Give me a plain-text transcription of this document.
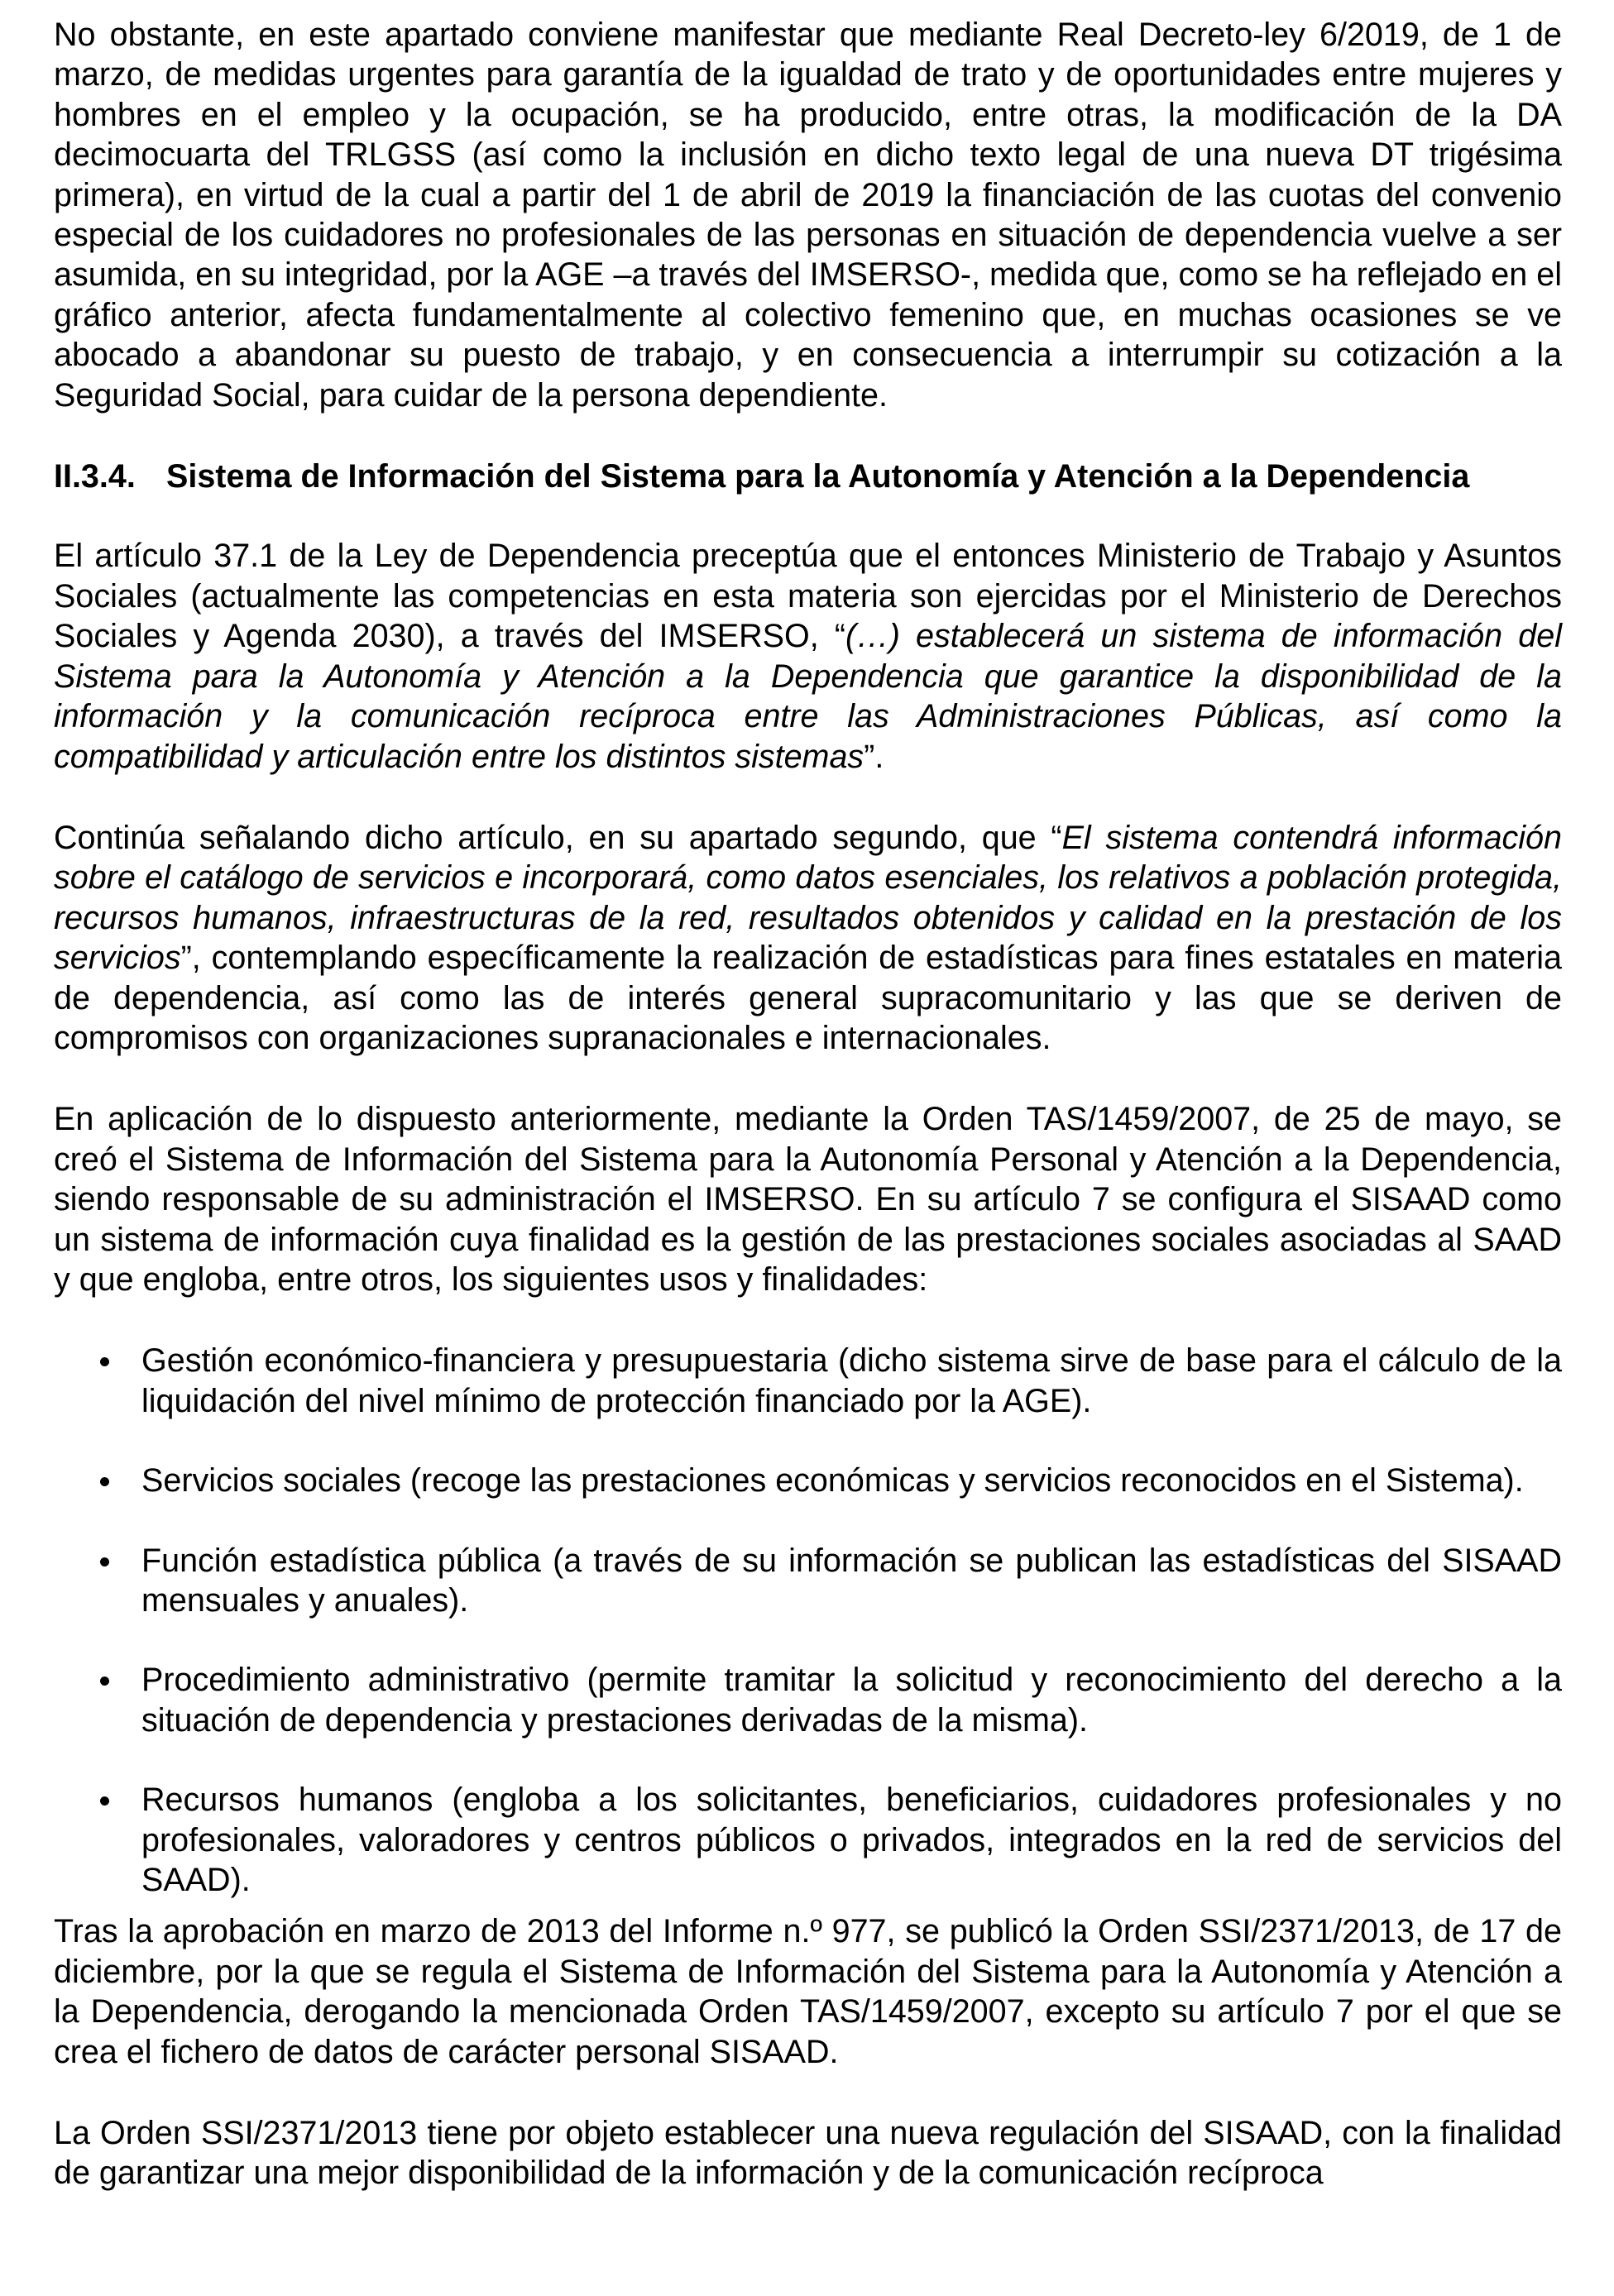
No obstante, en este apartado conviene manifestar que mediante Real Decreto-ley 6/2019, de 1 de marzo, de medidas urgentes para garantía de la igualdad de trato y de oportunidades entre mujeres y hombres en el empleo y la ocupación, se ha producido, entre otras, la modificación de la DA decimocuarta del TRLGSS (así como la inclusión en dicho texto legal de una nueva DT trigésima primera), en virtud de la cual a partir del 1 de abril de 2019 la financiación de las cuotas del convenio especial de los cuidadores no profesionales de las personas en situación de dependencia vuelve a ser asumida, en su integridad, por la AGE –a través del IMSERSO-, medida que, como se ha reflejado en el gráfico anterior, afecta fundamentalmente al colectivo femenino que, en muchas ocasiones se ve abocado a abandonar su puesto de trabajo, y en consecuencia a interrumpir su cotización a la Seguridad Social, para cuidar de la persona dependiente.

II.3.4. Sistema de Información del Sistema para la Autonomía y Atención a la Dependencia

El artículo 37.1 de la Ley de Dependencia preceptúa que el entonces Ministerio de Trabajo y Asuntos Sociales (actualmente las competencias en esta materia son ejercidas por el Ministerio de Derechos Sociales y Agenda 2030), a través del IMSERSO, “(…) establecerá un sistema de información del Sistema para la Autonomía y Atención a la Dependencia que garantice la disponibilidad de la información y la comunicación recíproca entre las Administraciones Públicas, así como la compatibilidad y articulación entre los distintos sistemas”.

Continúa señalando dicho artículo, en su apartado segundo, que “El sistema contendrá información sobre el catálogo de servicios e incorporará, como datos esenciales, los relativos a población protegida, recursos humanos, infraestructuras de la red, resultados obtenidos y calidad en la prestación de los servicios”, contemplando específicamente la realización de estadísticas para fines estatales en materia de dependencia, así como las de interés general supracomunitario y las que se deriven de compromisos con organizaciones supranacionales e internacionales.

En aplicación de lo dispuesto anteriormente, mediante la Orden TAS/1459/2007, de 25 de mayo, se creó el Sistema de Información del Sistema para la Autonomía Personal y Atención a la Dependencia, siendo responsable de su administración el IMSERSO. En su artículo 7 se configura el SISAAD como un sistema de información cuya finalidad es la gestión de las prestaciones sociales asociadas al SAAD y que engloba, entre otros, los siguientes usos y finalidades:

Gestión económico-financiera y presupuestaria (dicho sistema sirve de base para el cálculo de la liquidación del nivel mínimo de protección financiado por la AGE).
Servicios sociales (recoge las prestaciones económicas y servicios reconocidos en el Sistema).
Función estadística pública (a través de su información se publican las estadísticas del SISAAD mensuales y anuales).
Procedimiento administrativo (permite tramitar la solicitud y reconocimiento del derecho a la situación de dependencia y prestaciones derivadas de la misma).
Recursos humanos (engloba a los solicitantes, beneficiarios, cuidadores profesionales y no profesionales, valoradores y centros públicos o privados, integrados en la red de servicios del SAAD).

Tras la aprobación en marzo de 2013 del Informe n.º 977, se publicó la Orden SSI/2371/2013, de 17 de diciembre, por la que se regula el Sistema de Información del Sistema para la Autonomía y Atención a la Dependencia, derogando la mencionada Orden TAS/1459/2007, excepto su artículo 7 por el que se crea el fichero de datos de carácter personal SISAAD.

La Orden SSI/2371/2013 tiene por objeto establecer una nueva regulación del SISAAD, con la finalidad de garantizar una mejor disponibilidad de la información y de la comunicación recíproca
